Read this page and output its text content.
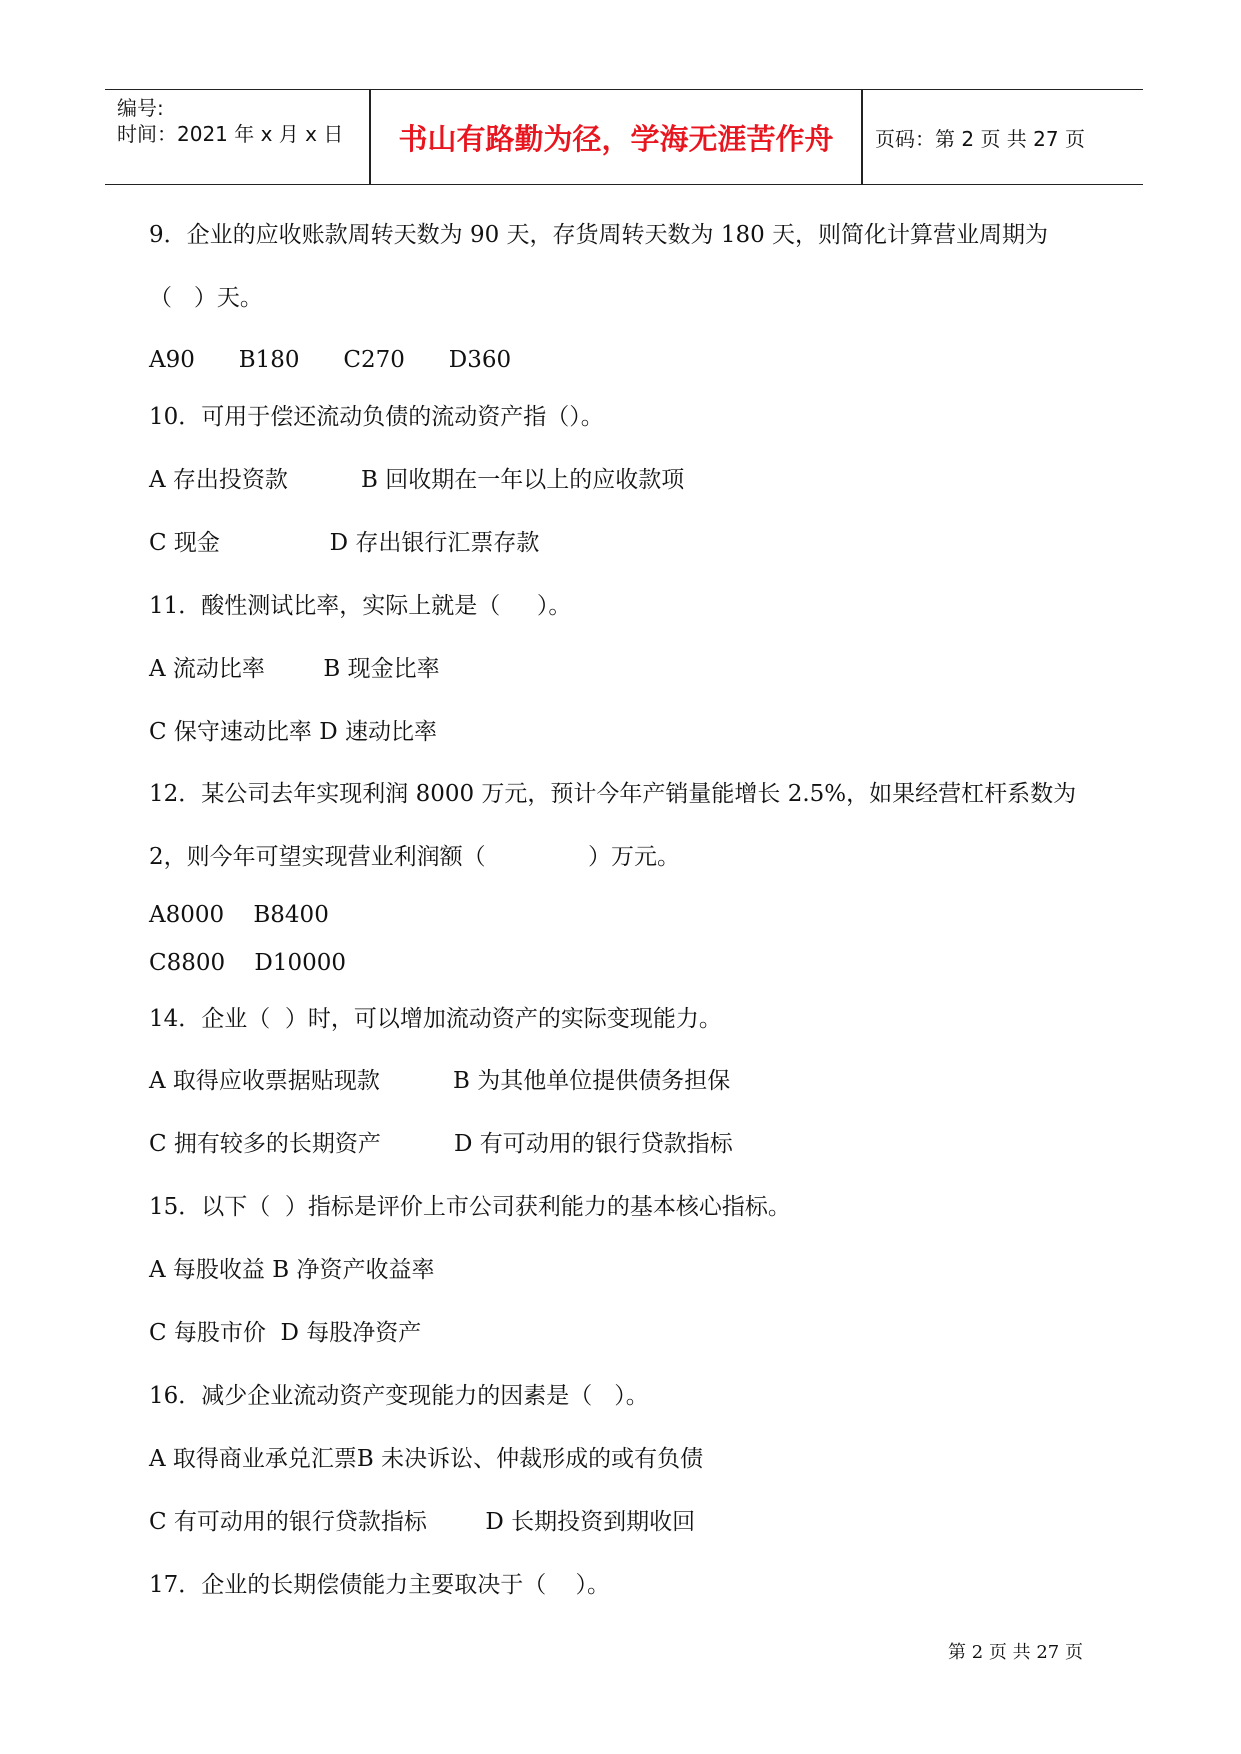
编号:
时间：2021 年 x 月 x 日	书山有路勤为径，学海无涯苦作舟	页码：第 2 页 共 27 页
9．企业的应收账款周转天数为 90 天，存货周转天数为 180 天，则简化计算营业周期为
（   ）天。
A90      B180      C270      D360
10．可用于偿还流动负债的流动资产指（）。
A 存出投资款          B 回收期在一年以上的应收款项
C 现金               D 存出银行汇票存款
11．酸性测试比率，实际上就是（     ）。
A 流动比率        B 现金比率
C 保守速动比率 D 速动比率
12．某公司去年实现利润 8000 万元，预计今年产销量能增长 2.5%，如果经营杠杆系数为
2，则今年可望实现营业利润额（              ）万元。
A8000    B8400
C8800    D10000
14．企业（  ）时，可以增加流动资产的实际变现能力。
A 取得应收票据贴现款          B 为其他单位提供债务担保
C 拥有较多的长期资产          D 有可动用的银行贷款指标
15．以下（  ）指标是评价上市公司获利能力的基本核心指标。
A 每股收益 B 净资产收益率
C 每股市价  D 每股净资产
16．减少企业流动资产变现能力的因素是（   ）。
A 取得商业承兑汇票B 未决诉讼、仲裁形成的或有负债
C 有可动用的银行贷款指标        D 长期投资到期收回
17．企业的长期偿债能力主要取决于（    ）。
第 2 页 共 27 页
